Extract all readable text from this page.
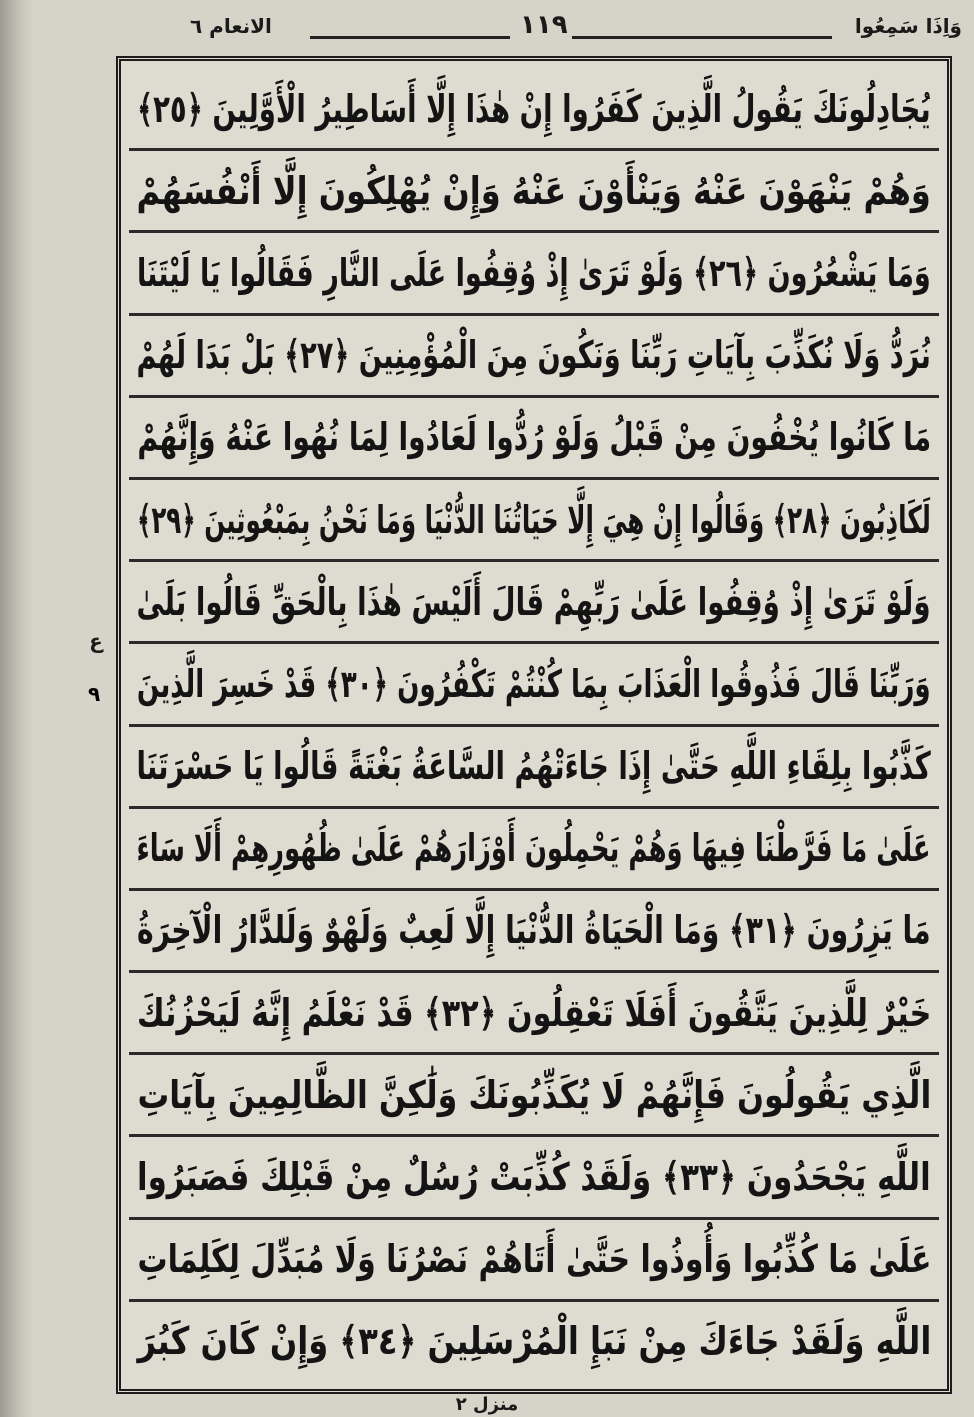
وَاِذَا سَمِعُوا
١١٩
الانعام ٦
ع
٩
يُجَادِلُونَكَ يَقُولُ الَّذِينَ كَفَرُوا إِنْ هٰذَا إِلَّا أَسَاطِيرُ الْأَوَّلِينَ ﴿٢٥﴾
وَهُمْ يَنْهَوْنَ عَنْهُ وَيَنْأَوْنَ عَنْهُ وَإِنْ يُهْلِكُونَ إِلَّا أَنْفُسَهُمْ
وَمَا يَشْعُرُونَ ﴿٢٦﴾ وَلَوْ تَرَىٰ إِذْ وُقِفُوا عَلَى النَّارِ فَقَالُوا يَا لَيْتَنَا
نُرَدُّ وَلَا نُكَذِّبَ بِآيَاتِ رَبِّنَا وَنَكُونَ مِنَ الْمُؤْمِنِينَ ﴿٢٧﴾ بَلْ بَدَا لَهُمْ
مَا كَانُوا يُخْفُونَ مِنْ قَبْلُ وَلَوْ رُدُّوا لَعَادُوا لِمَا نُهُوا عَنْهُ وَإِنَّهُمْ
لَكَاذِبُونَ ﴿٢٨﴾ وَقَالُوا إِنْ هِيَ إِلَّا حَيَاتُنَا الدُّنْيَا وَمَا نَحْنُ بِمَبْعُوثِينَ ﴿٢٩﴾
وَلَوْ تَرَىٰ إِذْ وُقِفُوا عَلَىٰ رَبِّهِمْ قَالَ أَلَيْسَ هٰذَا بِالْحَقِّ قَالُوا بَلَىٰ
وَرَبِّنَا قَالَ فَذُوقُوا الْعَذَابَ بِمَا كُنْتُمْ تَكْفُرُونَ ﴿٣٠﴾ قَدْ خَسِرَ الَّذِينَ
كَذَّبُوا بِلِقَاءِ اللَّهِ حَتَّىٰ إِذَا جَاءَتْهُمُ السَّاعَةُ بَغْتَةً قَالُوا يَا حَسْرَتَنَا
عَلَىٰ مَا فَرَّطْنَا فِيهَا وَهُمْ يَحْمِلُونَ أَوْزَارَهُمْ عَلَىٰ ظُهُورِهِمْ أَلَا سَاءَ
مَا يَزِرُونَ ﴿٣١﴾ وَمَا الْحَيَاةُ الدُّنْيَا إِلَّا لَعِبٌ وَلَهْوٌ وَلَلدَّارُ الْآخِرَةُ
خَيْرٌ لِلَّذِينَ يَتَّقُونَ أَفَلَا تَعْقِلُونَ ﴿٣٢﴾ قَدْ نَعْلَمُ إِنَّهُ لَيَحْزُنُكَ
الَّذِي يَقُولُونَ فَإِنَّهُمْ لَا يُكَذِّبُونَكَ وَلَٰكِنَّ الظَّالِمِينَ بِآيَاتِ
اللَّهِ يَجْحَدُونَ ﴿٣٣﴾ وَلَقَدْ كُذِّبَتْ رُسُلٌ مِنْ قَبْلِكَ فَصَبَرُوا
عَلَىٰ مَا كُذِّبُوا وَأُوذُوا حَتَّىٰ أَتَاهُمْ نَصْرُنَا وَلَا مُبَدِّلَ لِكَلِمَاتِ
اللَّهِ وَلَقَدْ جَاءَكَ مِنْ نَبَإِ الْمُرْسَلِينَ ﴿٣٤﴾ وَإِنْ كَانَ كَبُرَ
منزل ٢
